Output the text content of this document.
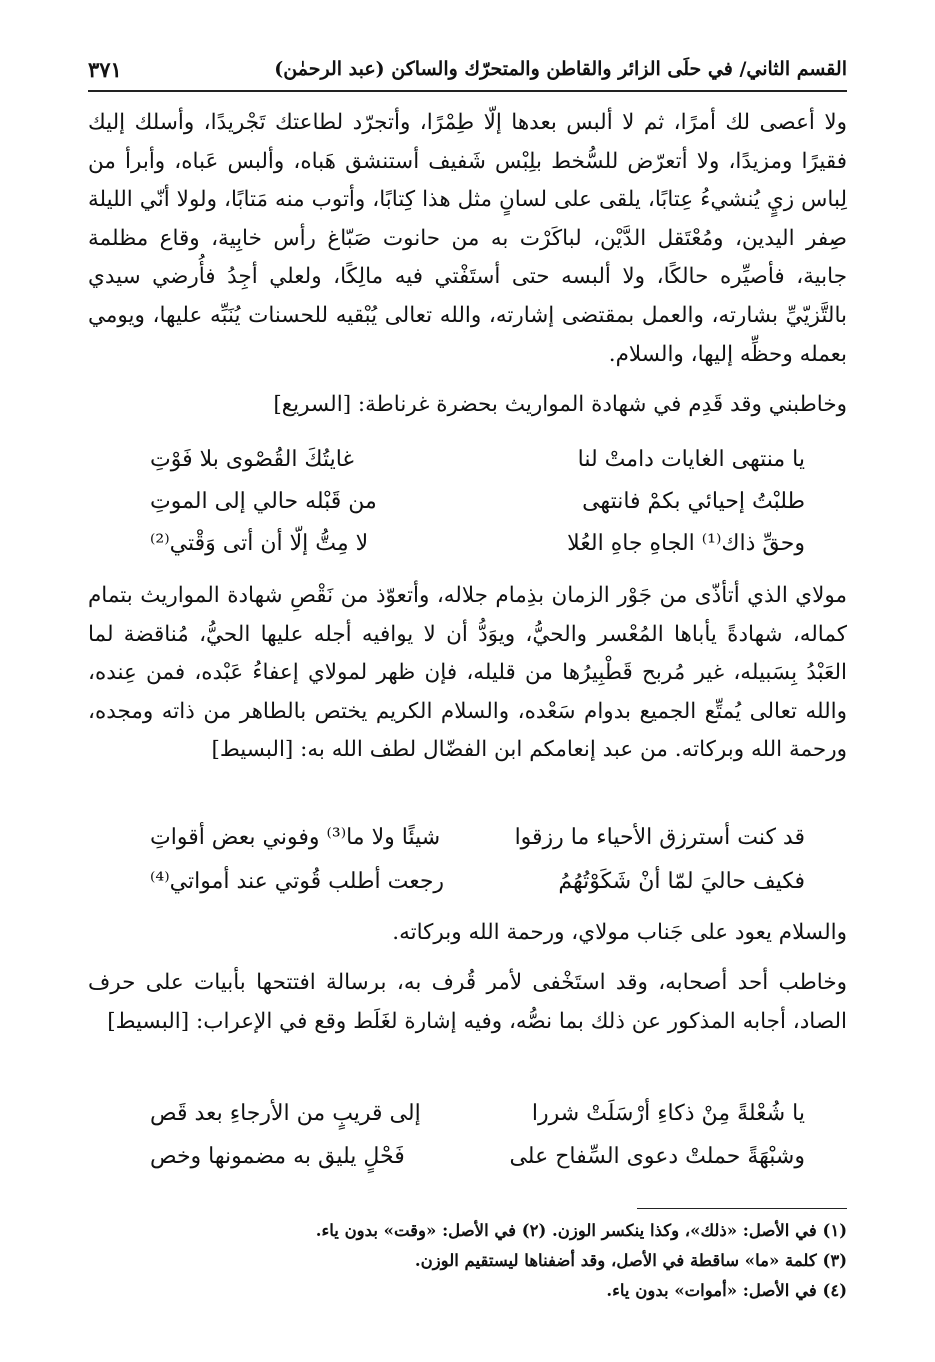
القسم الثاني/ في حلَى الزائر والقاطن والمتحرّك والساكن (عبد الرحمٰن)
٣٧١
ولا أعصى لك أمرًا، ثم لا ألبس بعدها إلّا طِمْرًا، وأتجرّد لطاعتك تَجْريدًا، وأسلك إليك فقيرًا ومزيدًا، ولا أتعرّض للسُّخط بلِبْس شَفيف أستنشق هَباه، وألبس عَباه، وأبرأ من لِباس زيٍ يُنشيءُ عِتابًا، يلقى على لسانٍ مثل هذا كِتابًا، وأتوب منه مَتابًا، ولولا أنّي الليلة صِفر اليدين، ومُعْتَقل الدَّيْن، لباكَرْت به من حانوت صَبّاغ رأس خابِية، وقاع مظلمة جابية، فأصيِّره حالكًا، ولا ألبسه حتى أستَفْتي فيه مالِكًا، ولعلي أجِدُ فأُرضي سيدي بالتَّزيّيِّ بشارته، والعمل بمقتضى إشارته، والله تعالى يُبْقيه للحسنات يُنَبِّه عليها، ويومي بعمله وحظِّه إليها، والسلام.
وخاطبني وقد قَدِم في شهادة المواريث بحضرة غرناطة: [السريع]
يا منتهى الغايات دامتْ لنا
غايتُكَ القُصْوى بلا فَوْتِ
طلبْتُ إحيائي بكمْ فانتهى
من قَبْله حالي إلى الموتِ
وحقِّ ذاك⁽¹⁾ الجاهِ جاهِ العُلا
لا مِتُّ إلّا أن أتى وَقْتي⁽²⁾
مولاي الذي أتأذّى من جَوْر الزمان بذِمام جلاله، وأتعوّذ من نَقْصِ شهادة المواريث بتمام كماله، شهادةً يأباها المُعْسر والحيُّ، ويوَدُّ أن لا يوافيه أجله عليها الحيُّ، مُناقضة لما العَبْدُ بِسَبيله، غير مُربح قَطْبِيرُها من قليله، فإن ظهر لمولاي إعفاءُ عَبْده، فمن عِنده، والله تعالى يُمتِّع الجميع بدوام سَعْده، والسلام الكريم يختص بالطاهر من ذاته ومجده، ورحمة الله وبركاته. من عبد إنعامكم ابن الفضّال لطف الله به: [البسيط]
قد كنت أسترزق الأحياء ما رزقوا
شيئًا ولا ما⁽³⁾ وفوني بعض أقواتِ
فكيف حاليَ لمّا أنْ شَكَوْتُهُمُ
رجعت أطلب قُوتي عند أمواتي⁽⁴⁾
والسلام يعود على جَناب مولاي، ورحمة الله وبركاته.
وخاطب أحد أصحابه، وقد استَخْفى لأمر قُرف به، برسالة افتتحها بأبيات على حرف الصاد، أجابه المذكور عن ذلك بما نصُّه، وفيه إشارة لغَلَط وقع في الإعراب: [البسيط]
يا شُعْلةً مِنْ ذكاءِ أرْسَلَتْ شررا
إلى قريبٍ من الأرجاءِ بعد قَص
وشبْهَةً حملتْ دعوى السِّفاح على
فَحْلٍ يليق به مضمونها وخص
(١) في الأصل: «ذلك»، وكذا ينكسر الوزن. (٢) في الأصل: «وقت» بدون ياء.
(٣) كلمة «ما» ساقطة في الأصل، وقد أضفناها ليستقيم الوزن.
(٤) في الأصل: «أموات» بدون ياء.
